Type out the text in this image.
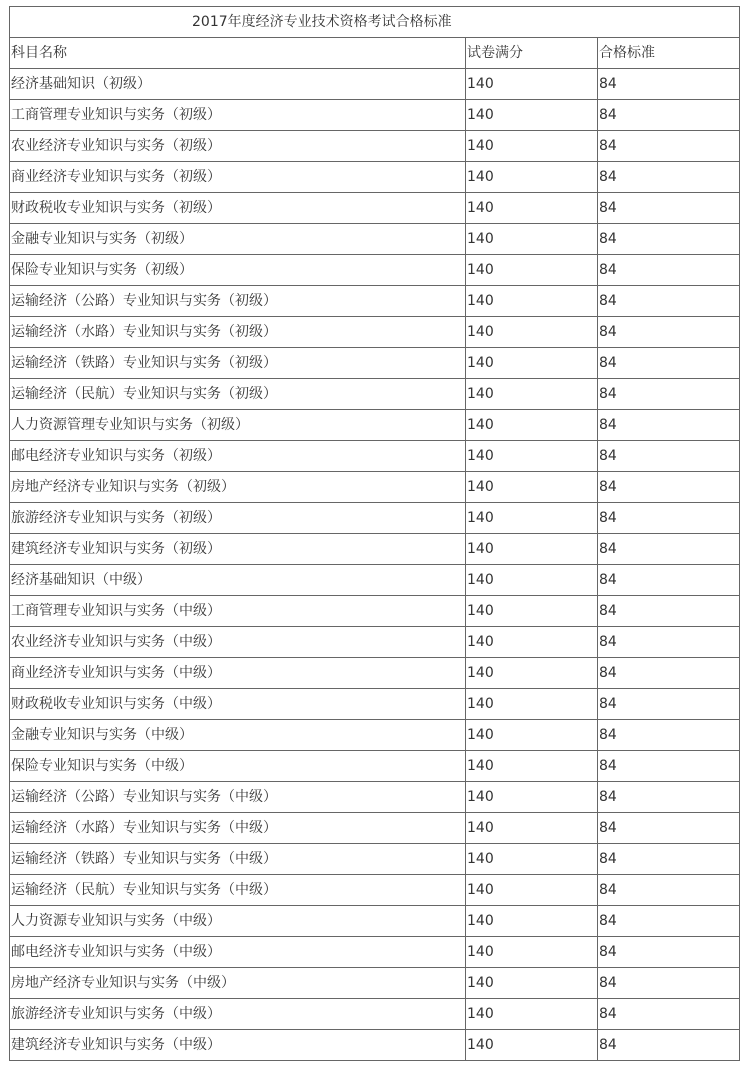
2017年度经济专业技术资格考试合格标准		
科目名称	试卷满分	合格标准
经济基础知识（初级）	140	84
工商管理专业知识与实务（初级）	140	84
农业经济专业知识与实务（初级）	140	84
商业经济专业知识与实务（初级）	140	84
财政税收专业知识与实务（初级）	140	84
金融专业知识与实务（初级）	140	84
保险专业知识与实务（初级）	140	84
运输经济（公路）专业知识与实务（初级）	140	84
运输经济（水路）专业知识与实务（初级）	140	84
运输经济（铁路）专业知识与实务（初级）	140	84
运输经济（民航）专业知识与实务（初级）	140	84
人力资源管理专业知识与实务（初级）	140	84
邮电经济专业知识与实务（初级）	140	84
房地产经济专业知识与实务（初级）	140	84
旅游经济专业知识与实务（初级）	140	84
建筑经济专业知识与实务（初级）	140	84
经济基础知识（中级）	140	84
工商管理专业知识与实务（中级）	140	84
农业经济专业知识与实务（中级）	140	84
商业经济专业知识与实务（中级）	140	84
财政税收专业知识与实务（中级）	140	84
金融专业知识与实务（中级）	140	84
保险专业知识与实务（中级）	140	84
运输经济（公路）专业知识与实务（中级）	140	84
运输经济（水路）专业知识与实务（中级）	140	84
运输经济（铁路）专业知识与实务（中级）	140	84
运输经济（民航）专业知识与实务（中级）	140	84
人力资源专业知识与实务（中级）	140	84
邮电经济专业知识与实务（中级）	140	84
房地产经济专业知识与实务（中级）	140	84
旅游经济专业知识与实务（中级）	140	84
建筑经济专业知识与实务（中级）	140	84
